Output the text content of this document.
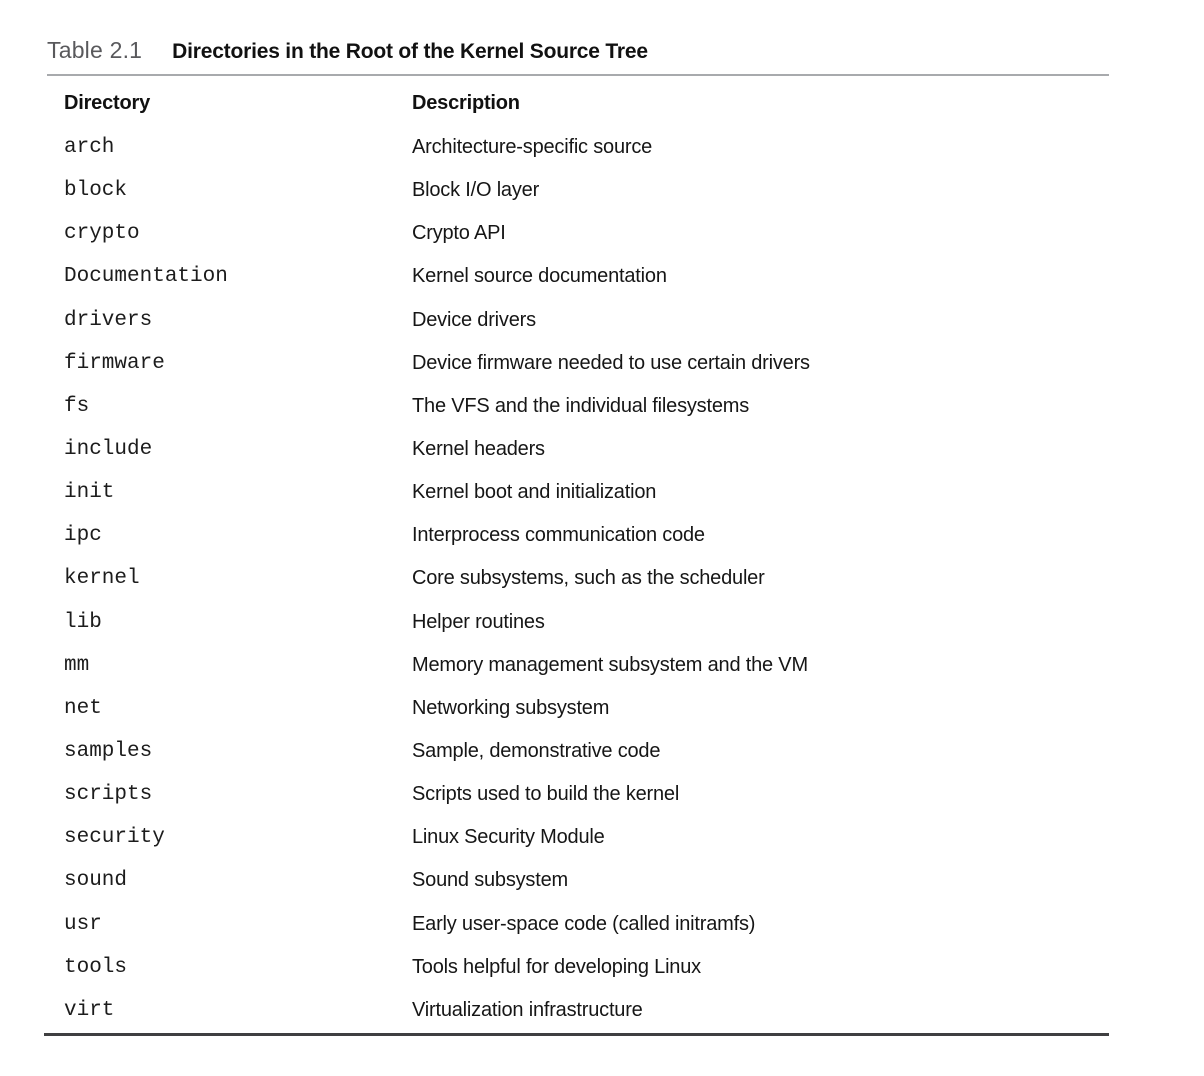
Table 2.1 Directories in the Root of the Kernel Source Tree
Directory	Description
arch	Architecture-specific source
block	Block I/O layer
crypto	Crypto API
Documentation	Kernel source documentation
drivers	Device drivers
firmware	Device firmware needed to use certain drivers
fs	The VFS and the individual filesystems
include	Kernel headers
init	Kernel boot and initialization
ipc	Interprocess communication code
kernel	Core subsystems, such as the scheduler
lib	Helper routines
mm	Memory management subsystem and the VM
net	Networking subsystem
samples	Sample, demonstrative code
scripts	Scripts used to build the kernel
security	Linux Security Module
sound	Sound subsystem
usr	Early user-space code (called initramfs)
tools	Tools helpful for developing Linux
virt	Virtualization infrastructure
